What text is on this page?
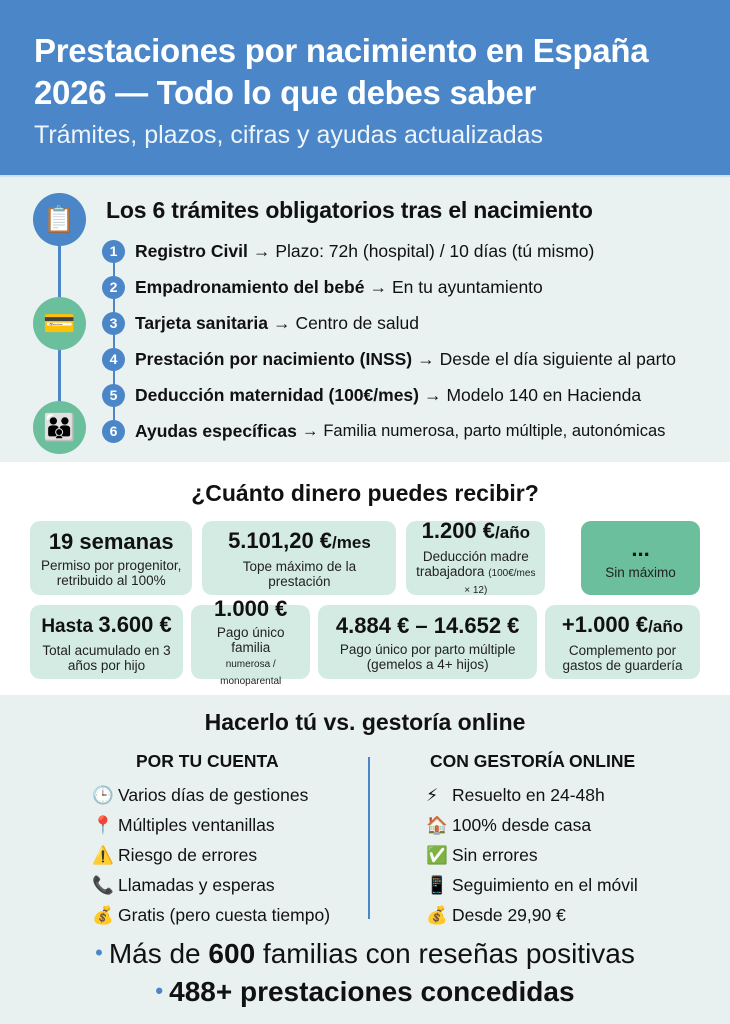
Prestaciones por nacimiento en España
2026 — Todo lo que debes saber
Trámites, plazos, cifras y ayudas actualizadas
📋
💳
👪
Los 6 trámites obligatorios tras el nacimiento
1	Registro Civil → Plazo: 72h (hospital) / 10 días (tú mismo)
2	Empadronamiento del bebé → En tu ayuntamiento
3	Tarjeta sanitaria → Centro de salud
4	Prestación por nacimiento (INSS) → Desde el día siguiente al parto
5	Deducción maternidad (100€/mes) → Modelo 140 en Hacienda
6	Ayudas específicas → Familia numerosa, parto múltiple, autonómicas
¿Cuánto dinero puedes recibir?
19 semanas
Permiso por progenitor, retribuido al 100%
5.101,20 €/mes
Tope máximo de la prestación
1.200 €/año
Deducción madre trabajadora (100€/mes × 12)
...
Sin máximo
Hasta 3.600 €
Total acumulado en 3 años por hijo
1.000 €
Pago único familia
numerosa / monoparental
4.884 € – 14.652 €
Pago único por parto múltiple (gemelos a 4+ hijos)
+1.000 €/año
Complemento por gastos de guardería
Hacerlo tú vs. gestoría online
POR TU CUENTA
🕒 Varios días de gestiones
📍 Múltiples ventanillas
⚠️ Riesgo de errores
📞 Llamadas y esperas
💰 Gratis (pero cuesta tiempo)
CON GESTORÍA ONLINE
⚡ Resuelto en 24-48h
🏠 100% desde casa
✅ Sin errores
📱 Seguimiento en el móvil
💰 Desde 29,90 €
• Más de 600 familias con reseñas positivas
• 488+ prestaciones concedidas
